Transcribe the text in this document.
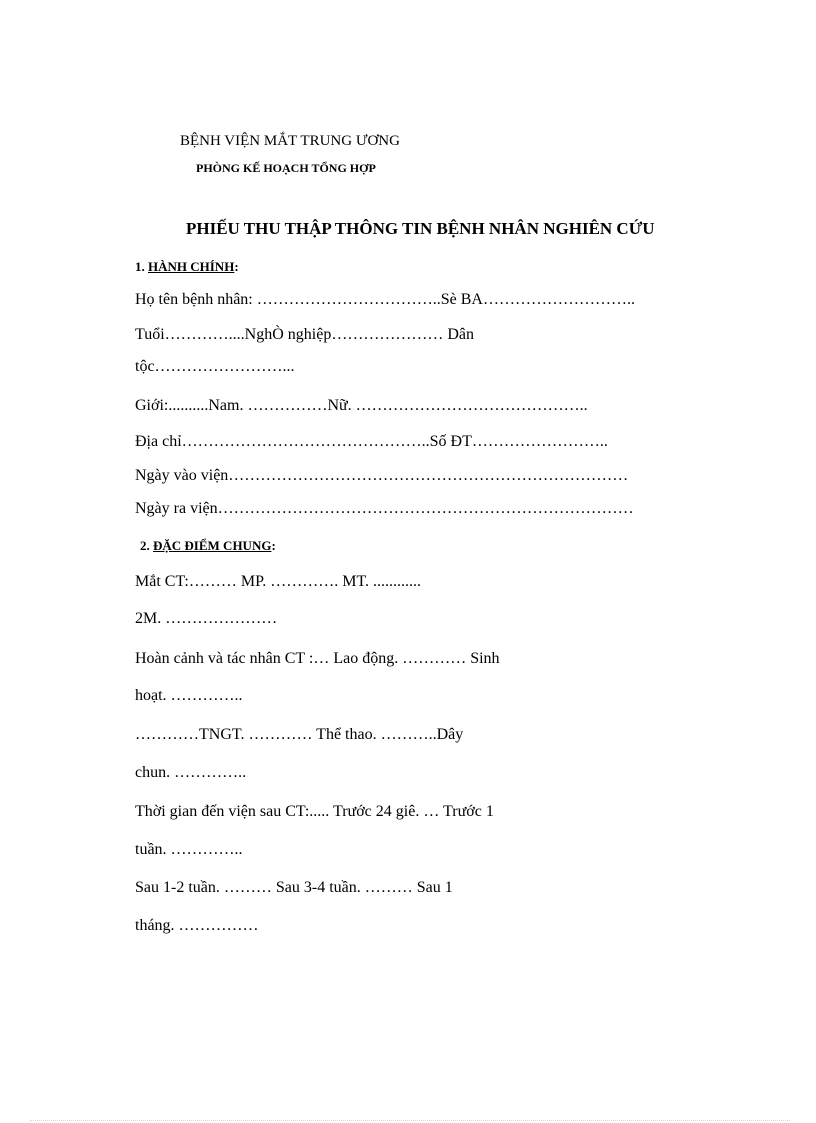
BỆNH VIỆN MẮT TRUNG ƯƠNG
PHÒNG KẾ HOẠCH TỔNG HỢP
PHIẾU THU THẬP THÔNG TIN BỆNH NHÂN NGHIÊN CỨU
1. HÀNH CHÍNH:
Họ tên bệnh nhân: ……………………………..Sè BA………………………..
Tuổi…………....NghÒ nghiệp………………… Dân
tộc……………………...
Giới:..........Nam. ……………Nữ. ……………………………………..
Địa chỉ………………………………………..Số ĐT……………………..
Ngày vào viện…………………………………………………………………
Ngày ra viện……………………………………………………………………
2. ĐẶC ĐIỂM CHUNG:
Mắt CT:……… MP. …………. MT. ............
2M. …………………
Hoàn cảnh và tác nhân CT :… Lao động. ………… Sinh
hoạt. …………..
…………TNGT. ………… Thể thao. ………..Dây
chun. …………..
Thời gian đến viện sau CT:..... Trước 24 giê. … Trước 1
tuần. …………..
Sau 1-2 tuần. ……… Sau 3-4 tuần. ……… Sau 1
tháng. ……………
